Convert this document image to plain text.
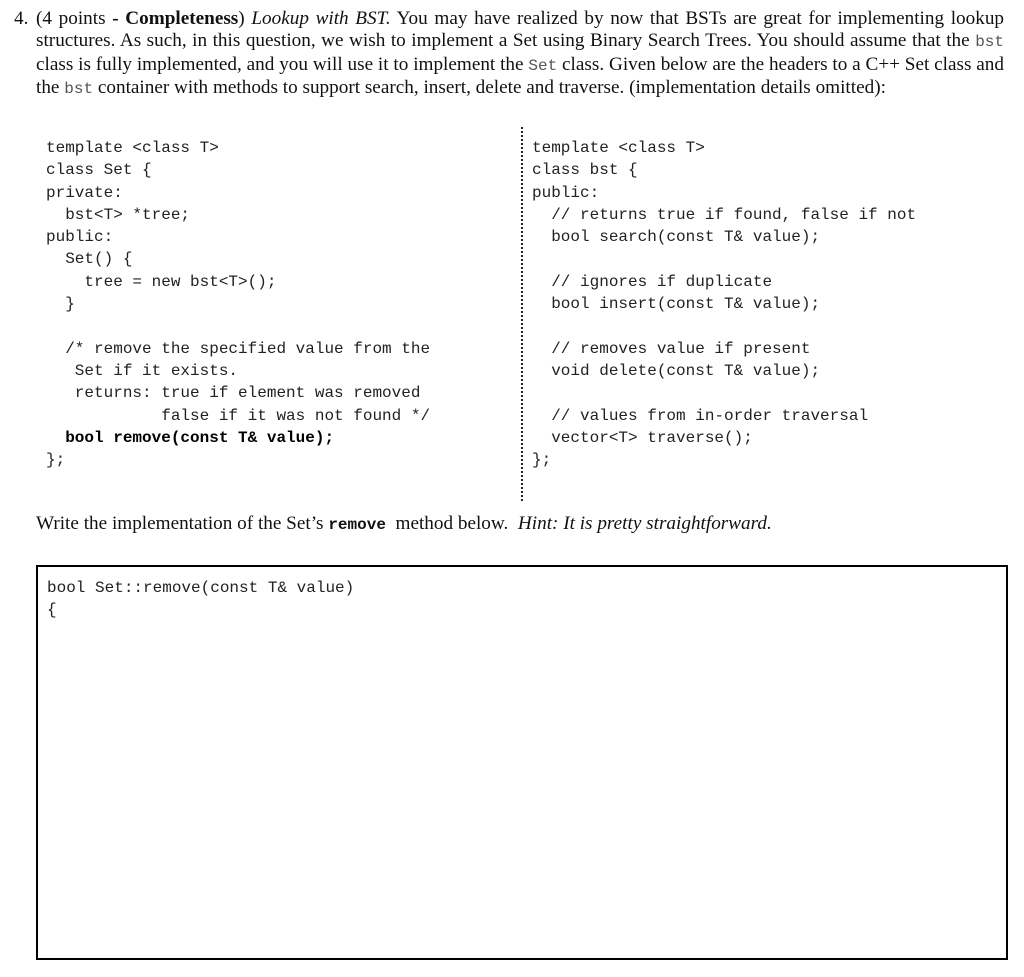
4. (4 points - Completeness) Lookup with BST. You may have realized by now that BSTs are great for implementing lookup structures. As such, in this question, we wish to implement a Set using Binary Search Trees. You should assume that the bst class is fully implemented, and you will use it to implement the Set class. Given below are the headers to a C++ Set class and the bst container with methods to support search, insert, delete and traverse. (implementation details omitted):
template <class T>
class Set {
private:
bst<T> *tree;
public:
Set() {
tree = new bst<T>();
}

/* remove the specified value from the
Set if it exists.
returns: true if element was removed
false if it was not found */
bool remove(const T& value);
};
template <class T>
class bst {
public:
// returns true if found, false if not
bool search(const T& value);

// ignores if duplicate
bool insert(const T& value);

// removes value if present
void delete(const T& value);

// values from in-order traversal
vector<T> traverse();
};
Write the implementation of the Set’s remove  method below.  Hint: It is pretty straightforward.
bool Set::remove(const T& value)
{
